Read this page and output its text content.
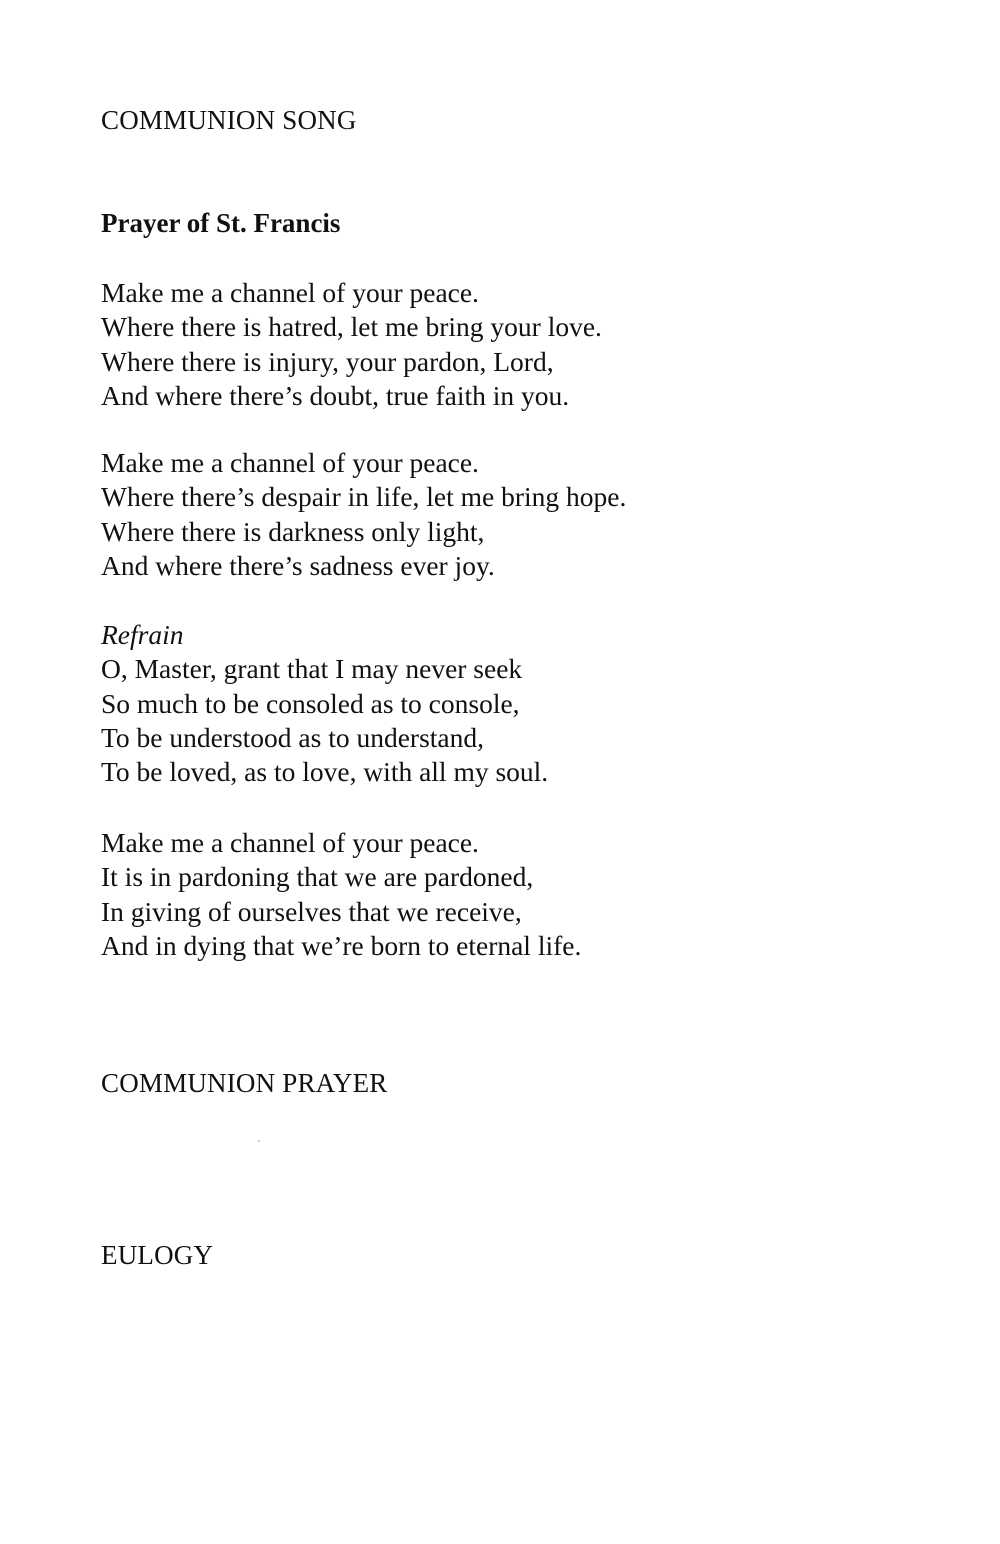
COMMUNION SONG
Prayer of St. Francis
Make me a channel of your peace.
Where there is hatred, let me bring your love.
Where there is injury, your pardon, Lord,
And where there’s doubt, true faith in you.
Make me a channel of your peace.
Where there’s despair in life, let me bring hope.
Where there is darkness only light,
And where there’s sadness ever joy.
Refrain
O, Master, grant that I may never seek
So much to be consoled as to console,
To be understood as to understand,
To be loved, as to love, with all my soul.
Make me a channel of your peace.
It is in pardoning that we are pardoned,
In giving of ourselves that we receive,
And in dying that we’re born to eternal life.
COMMUNION PRAYER
EULOGY
